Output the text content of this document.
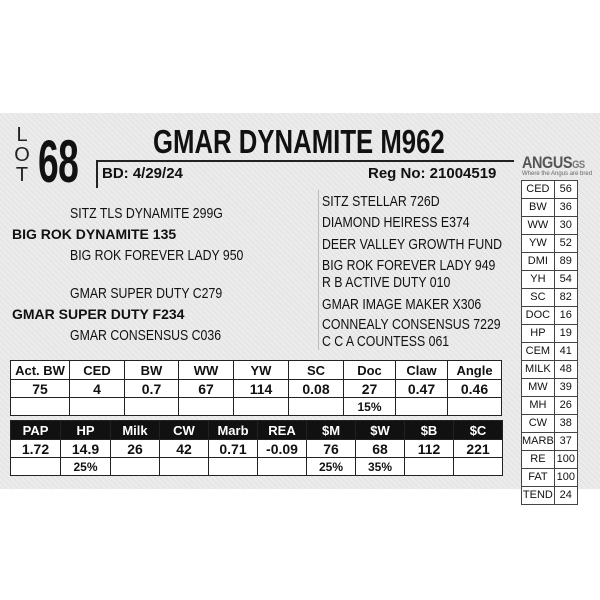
L
O
T 68 GMAR DYNAMITE M962
BD: 4/29/24	Reg No: 21004519
ANGUSGS
Where the Angus are bred
SITZ TLS DYNAMITE 299G
BIG ROK DYNAMITE 135
BIG ROK FOREVER LADY 950
GMAR SUPER DUTY C279
GMAR SUPER DUTY F234
GMAR CONSENSUS C036
SITZ STELLAR 726D
DIAMOND HEIRESS E374
DEER VALLEY GROWTH FUND
BIG ROK FOREVER LADY 949
R B ACTIVE DUTY 010
GMAR IMAGE MAKER X306
CONNEALY CONSENSUS 7229
C C A COUNTESS 061
CED	56
BW	36
WW	30
YW	52
DMI	89
YH	54
SC	82
DOC	16
HP	19
CEM	41
MILK	48
MW	39
MH	26
CW	38
MARB	37
RE	100
FAT	100
TEND	24
Act. BW	CED	BW	WW	YW	SC	Doc	Claw	Angle
75	4	0.7	67	114	0.08	27	0.47	0.46
						15%		
PAP	HP	Milk	CW	Marb	REA	$M	$W	$B	$C
1.72	14.9	26	42	0.71	-0.09	76	68	112	221
	25%					25%	35%		
